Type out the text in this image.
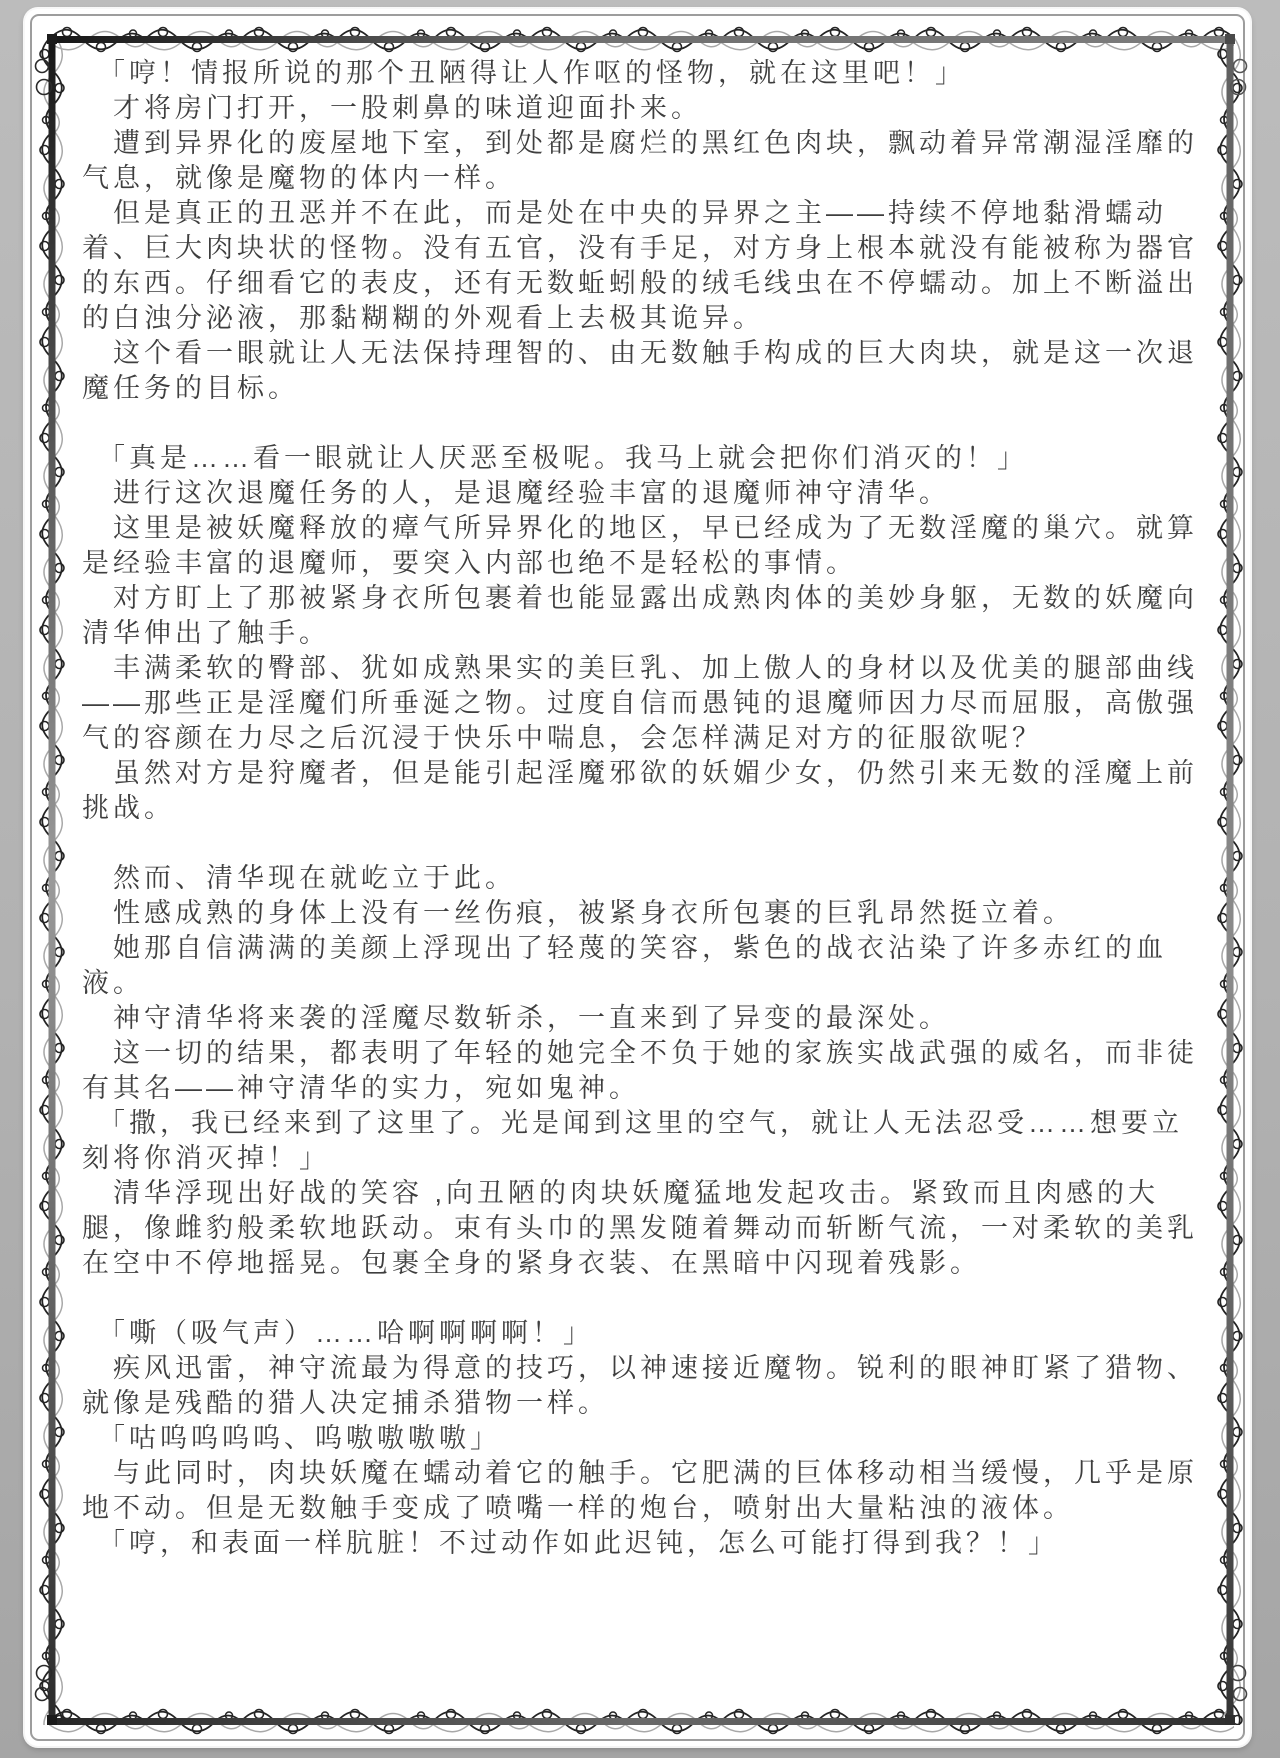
「哼！情报所说的那个丑陋得让人作呕的怪物，就在这里吧！」

才将房门打开，一股刺鼻的味道迎面扑来。

遭到异界化的废屋地下室，到处都是腐烂的黑红色肉块，飘动着异常潮湿淫靡的气息，就像是魔物的体内一样。

但是真正的丑恶并不在此，而是处在中央的异界之主——持续不停地黏滑蠕动着、巨大肉块状的怪物。没有五官，没有手足，对方身上根本就没有能被称为器官的东西。仔细看它的表皮，还有无数蚯蚓般的绒毛线虫在不停蠕动。加上不断溢出的白浊分泌液，那黏糊糊的外观看上去极其诡异。

这个看一眼就让人无法保持理智的、由无数触手构成的巨大肉块，就是这一次退魔任务的目标。

「真是……看一眼就让人厌恶至极呢。我马上就会把你们消灭的！」

进行这次退魔任务的人，是退魔经验丰富的退魔师神守清华。

这里是被妖魔释放的瘴气所异界化的地区，早已经成为了无数淫魔的巢穴。就算是经验丰富的退魔师，要突入内部也绝不是轻松的事情。

对方盯上了那被紧身衣所包裹着也能显露出成熟肉体的美妙身躯，无数的妖魔向清华伸出了触手。

丰满柔软的臀部、犹如成熟果实的美巨乳、加上傲人的身材以及优美的腿部曲线——那些正是淫魔们所垂涎之物。过度自信而愚钝的退魔师因力尽而屈服，高傲强气的容颜在力尽之后沉浸于快乐中喘息，会怎样满足对方的征服欲呢？

虽然对方是狩魔者，但是能引起淫魔邪欲的妖媚少女，仍然引来无数的淫魔上前挑战。

然而、清华现在就屹立于此。

性感成熟的身体上没有一丝伤痕，被紧身衣所包裹的巨乳昂然挺立着。

她那自信满满的美颜上浮现出了轻蔑的笑容，紫色的战衣沾染了许多赤红的血液。

神守清华将来袭的淫魔尽数斩杀，一直来到了异变的最深处。

这一切的结果，都表明了年轻的她完全不负于她的家族实战武强的威名，而非徒有其名——神守清华的实力，宛如鬼神。

「撒，我已经来到了这里了。光是闻到这里的空气，就让人无法忍受……想要立刻将你消灭掉！」

清华浮现出好战的笑容 ,向丑陋的肉块妖魔猛地发起攻击。紧致而且肉感的大腿，像雌豹般柔软地跃动。束有头巾的黑发随着舞动而斩断气流，一对柔软的美乳在空中不停地摇晃。包裹全身的紧身衣装、在黑暗中闪现着残影。

「嘶（吸气声）……哈啊啊啊啊！」

疾风迅雷，神守流最为得意的技巧，以神速接近魔物。锐利的眼神盯紧了猎物、就像是残酷的猎人决定捕杀猎物一样。

「咕呜呜呜呜、呜嗷嗷嗷嗷」

与此同时，肉块妖魔在蠕动着它的触手。它肥满的巨体移动相当缓慢，几乎是原地不动。但是无数触手变成了喷嘴一样的炮台，喷射出大量粘浊的液体。

「哼，和表面一样肮脏！不过动作如此迟钝，怎么可能打得到我？！」
